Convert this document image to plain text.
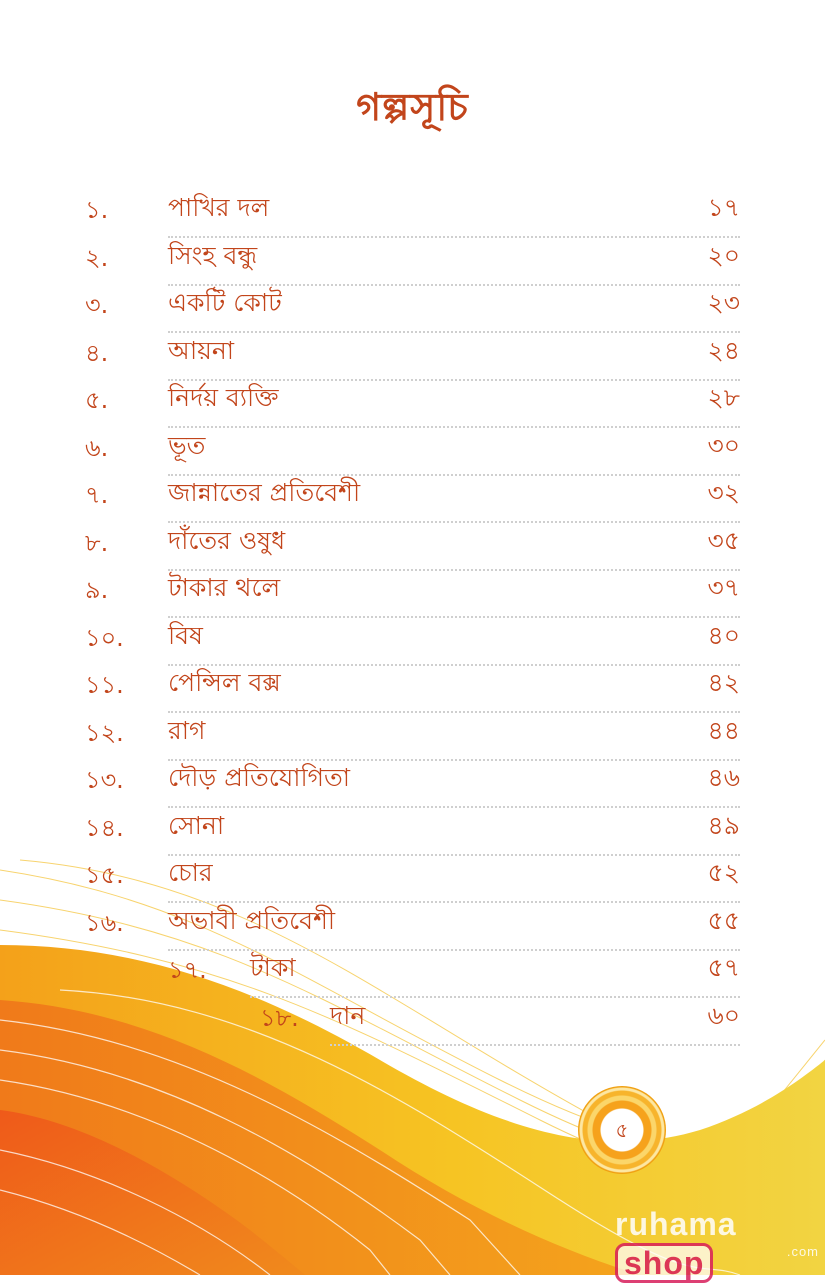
গল্পসূচি
১. পাখির দল	১৭
২. সিংহ বন্ধু	২০
৩. একটি কোট	২৩
৪. আয়না	২৪
৫. নির্দয় ব্যক্তি	২৮
৬. ভূত	৩০
৭. জান্নাতের প্রতিবেশী	৩২
৮. দাঁতের ওষুধ	৩৫
৯. টাকার থলে	৩৭
১০. বিষ	৪০
১১. পেন্সিল বক্স	৪২
১২. রাগ	৪৪
১৩. দৌড় প্রতিযোগিতা	৪৬
১৪. সোনা	৪৯
১৫. চোর	৫২
১৬. অভাবী প্রতিবেশী	৫৫
১৭. টাকা	৫৭
১৮. দান	৬০
৫
ruhamashop	.com
